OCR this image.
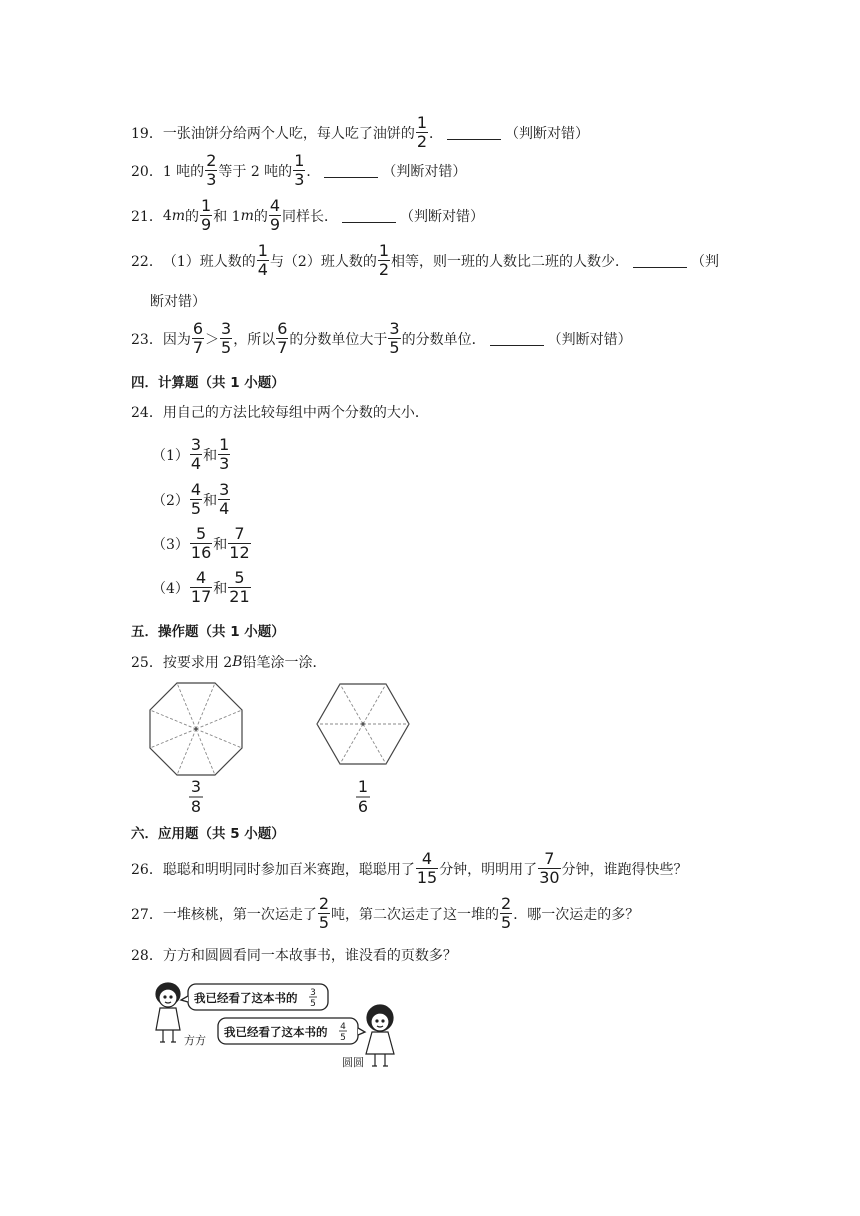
19． 一张油饼分给两个人吃，每人吃了油饼的 $\frac{1}{2}$ ．	（判断对错）
20． 1 吨的 $\frac{2}{3}$ 等于 2 吨的 $\frac{1}{3}$ ．	（判断对错）
21． 4 m 的 $\frac{1}{9}$ 和 1 m 的 $\frac{4}{9}$ 同样长．	（判断对错）
22． （1）班人数的 $\frac{1}{4}$ 与（2）班人数的 $\frac{1}{2}$ 相等，则一班的人数比二班的人数少．	（判
断对错）
23． 因为 $\frac{6}{7} > \frac{3}{5}$ ，所以 $\frac{6}{7}$ 的分数单位大于 $\frac{3}{5}$ 的分数单位．	（判断对错）
四．计算题（共 1 小题）
24． 用自己的方法比较每组中两个分数的大小．
$(1) \frac{3}{4}$ 和 $\frac{1}{3}$
$(2) \frac{4}{5}$ 和 $\frac{3}{4}$
$(3) \frac{5}{16}$ 和 $\frac{7}{12}$
$(4) \frac{4}{17}$ 和 $\frac{5}{21}$
五．操作题（共 1 小题）
25． 按要求用 2 B 铅笔涂一涂．
3
8
1
6
六．应用题（共 5 小题）
26． 聪聪和明明同时参加百米赛跑，聪聪用了 $\frac{4}{15}$ 分钟，明明用了 $\frac{7}{30}$ 分钟，谁跑得快些？
27． 一堆核桃，第一次运走了 $\frac{2}{5}$ 吨，第二次运走了这一堆的 $\frac{2}{5}$ ．哪一次运走的多？
28． 方方和圆圆看同一本故事书，谁没看的页数多？
方方
我已经看了这本书的 3
5
我已经看了这本书的 4
5
圆圆
